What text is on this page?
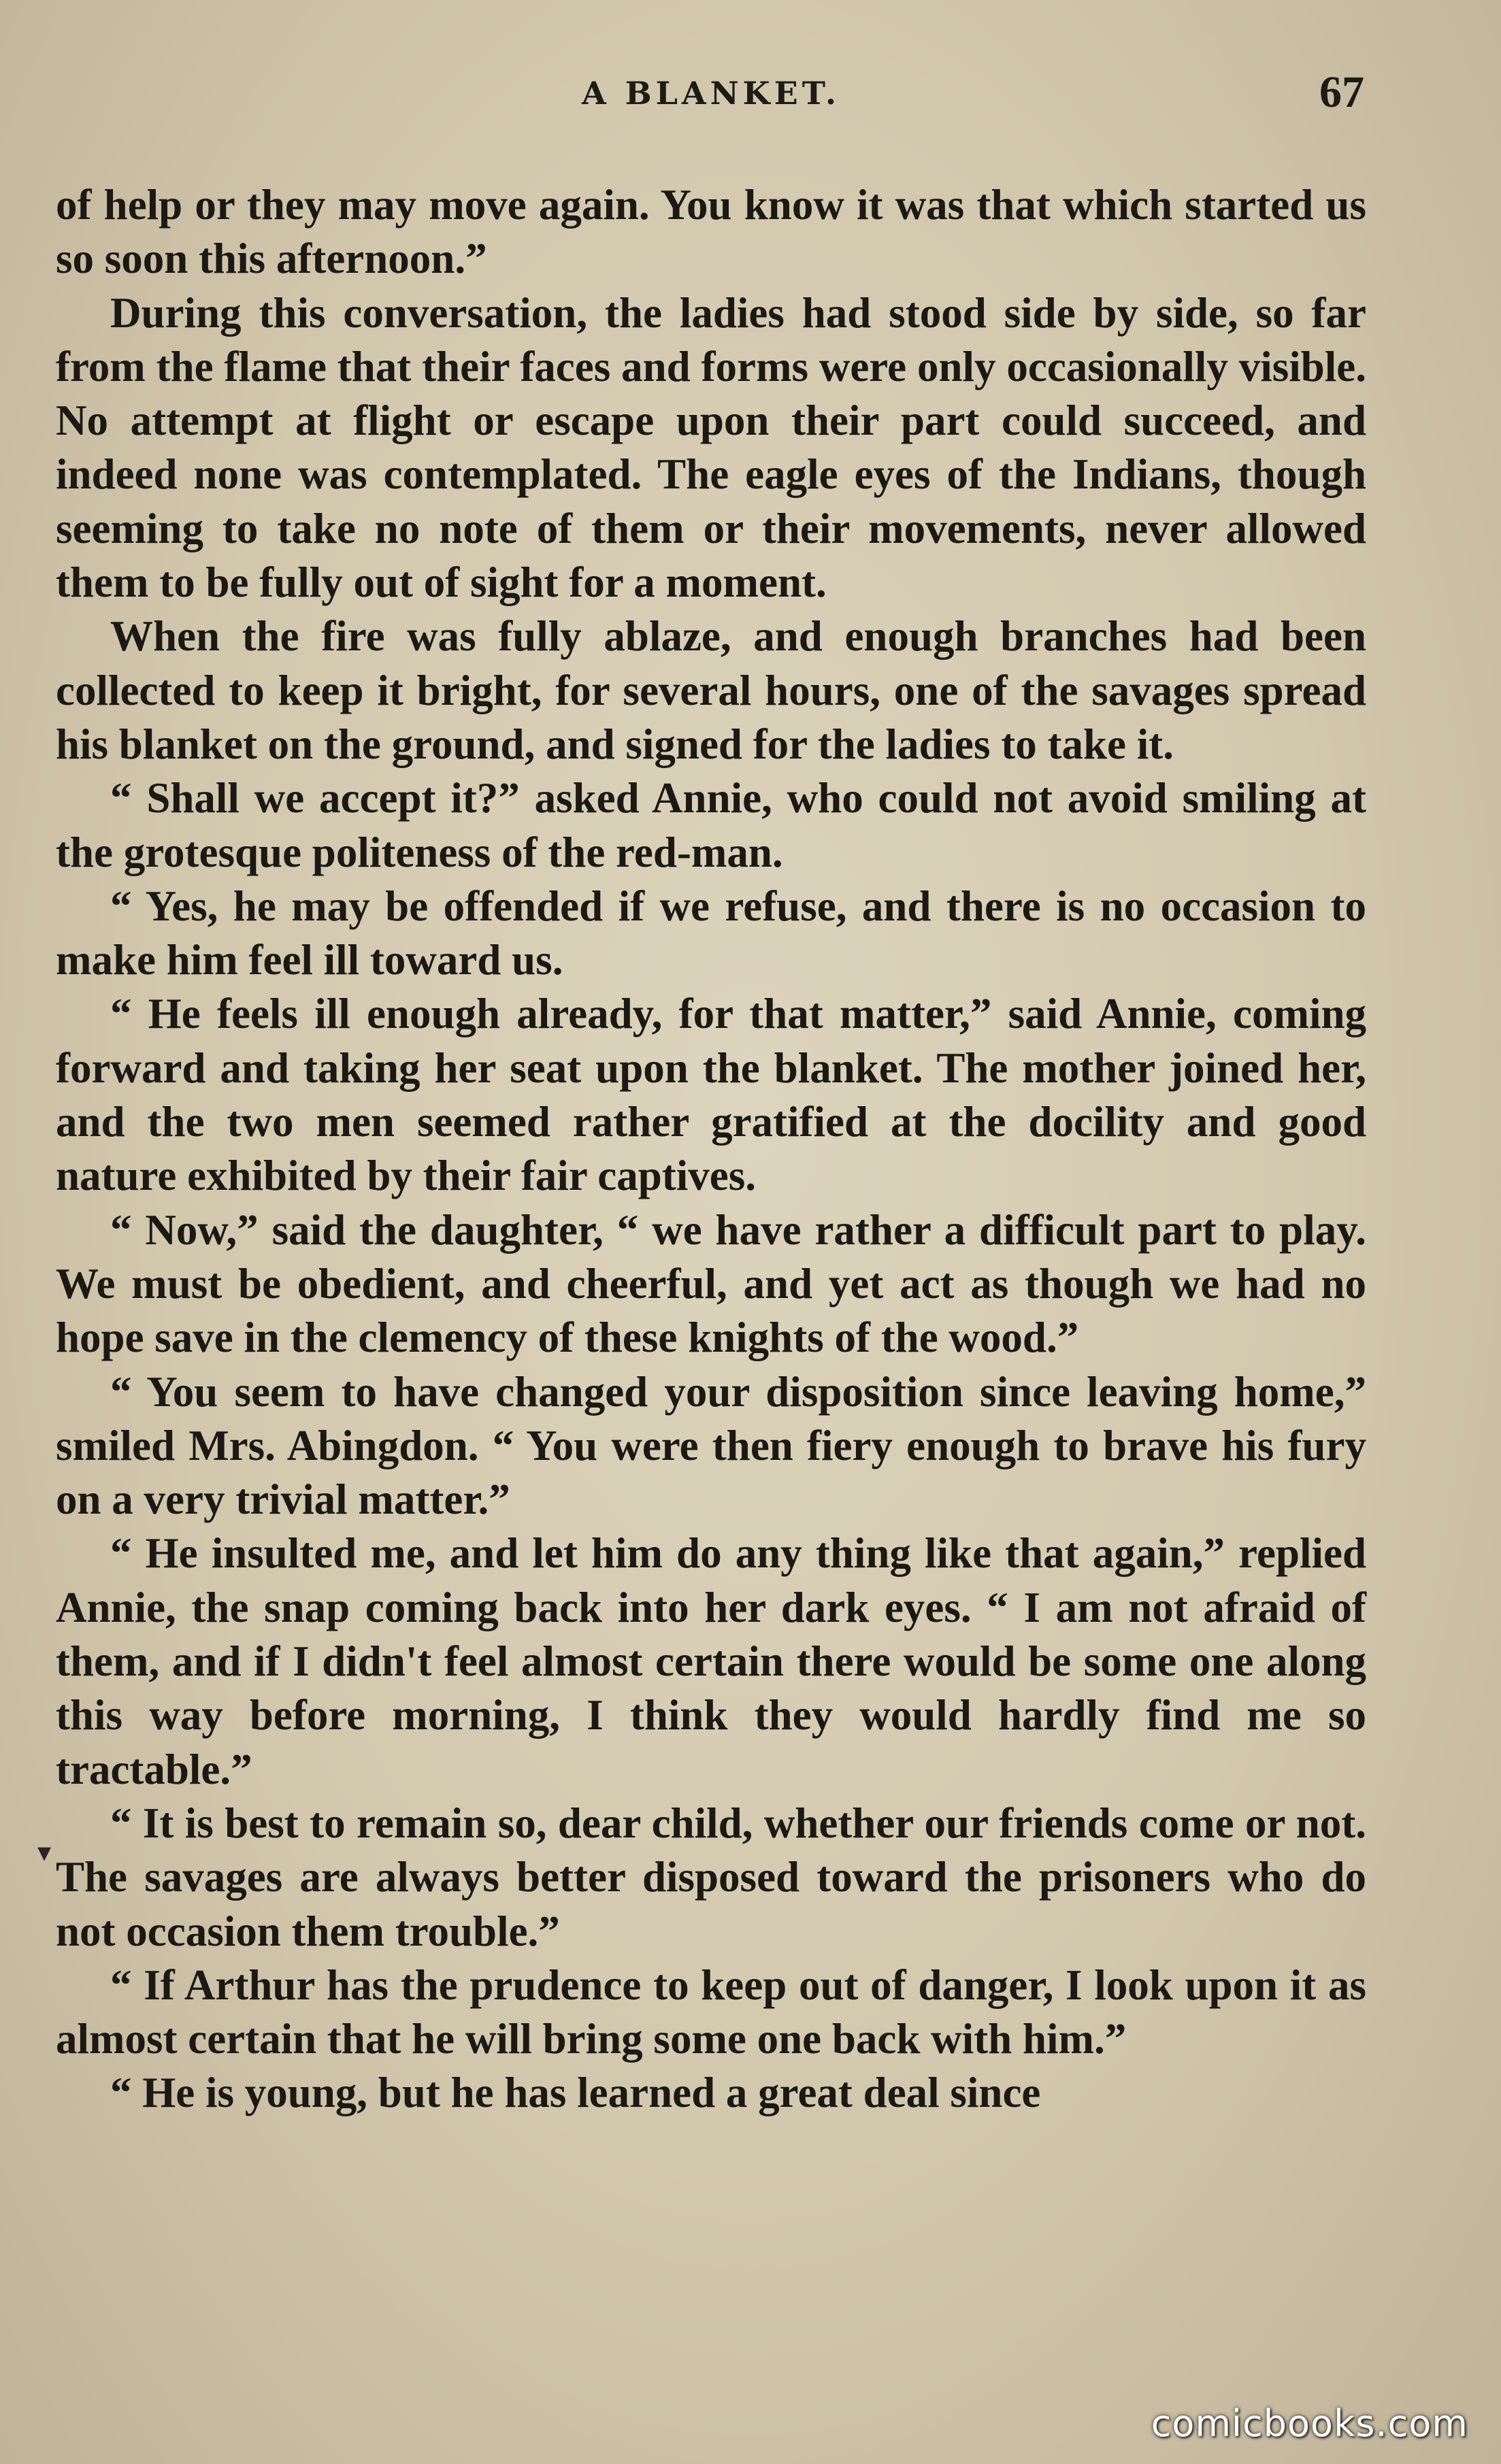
A BLANKET.	67

of help or they may move again. You know it was that which started us so soon this afternoon.”

During this conversation, the ladies had stood side by side, so far from the flame that their faces and forms were only occasionally visible. No attempt at flight or escape upon their part could succeed, and indeed none was contemplated. The eagle eyes of the Indians, though seeming to take no note of them or their movements, never allowed them to be fully out of sight for a moment.

When the fire was fully ablaze, and enough branches had been collected to keep it bright, for several hours, one of the savages spread his blanket on the ground, and signed for the ladies to take it.

“ Shall we accept it?” asked Annie, who could not avoid smiling at the grotesque politeness of the red-man.

“ Yes, he may be offended if we refuse, and there is no occasion to make him feel ill toward us.

“ He feels ill enough already, for that matter,” said Annie, coming forward and taking her seat upon the blanket. The mother joined her, and the two men seemed rather gratified at the docility and good nature exhibited by their fair captives.

“ Now,” said the daughter, “ we have rather a difficult part to play. We must be obedient, and cheerful, and yet act as though we had no hope save in the clemency of these knights of the wood.”

“ You seem to have changed your disposition since leaving home,” smiled Mrs. Abingdon. “ You were then fiery enough to brave his fury on a very trivial matter.”

“ He insulted me, and let him do any thing like that again,” replied Annie, the snap coming back into her dark eyes. “ I am not afraid of them, and if I didn't feel almost certain there would be some one along this way before morning, I think they would hardly find me so tractable.”

“ It is best to remain so, dear child, whether our friends come or not. The savages are always better disposed toward the prisoners who do not occasion them trouble.”

“ If Arthur has the prudence to keep out of danger, I look upon it as almost certain that he will bring some one back with him.”

“ He is young, but he has learned a great deal since

▾
comicbooks.com
